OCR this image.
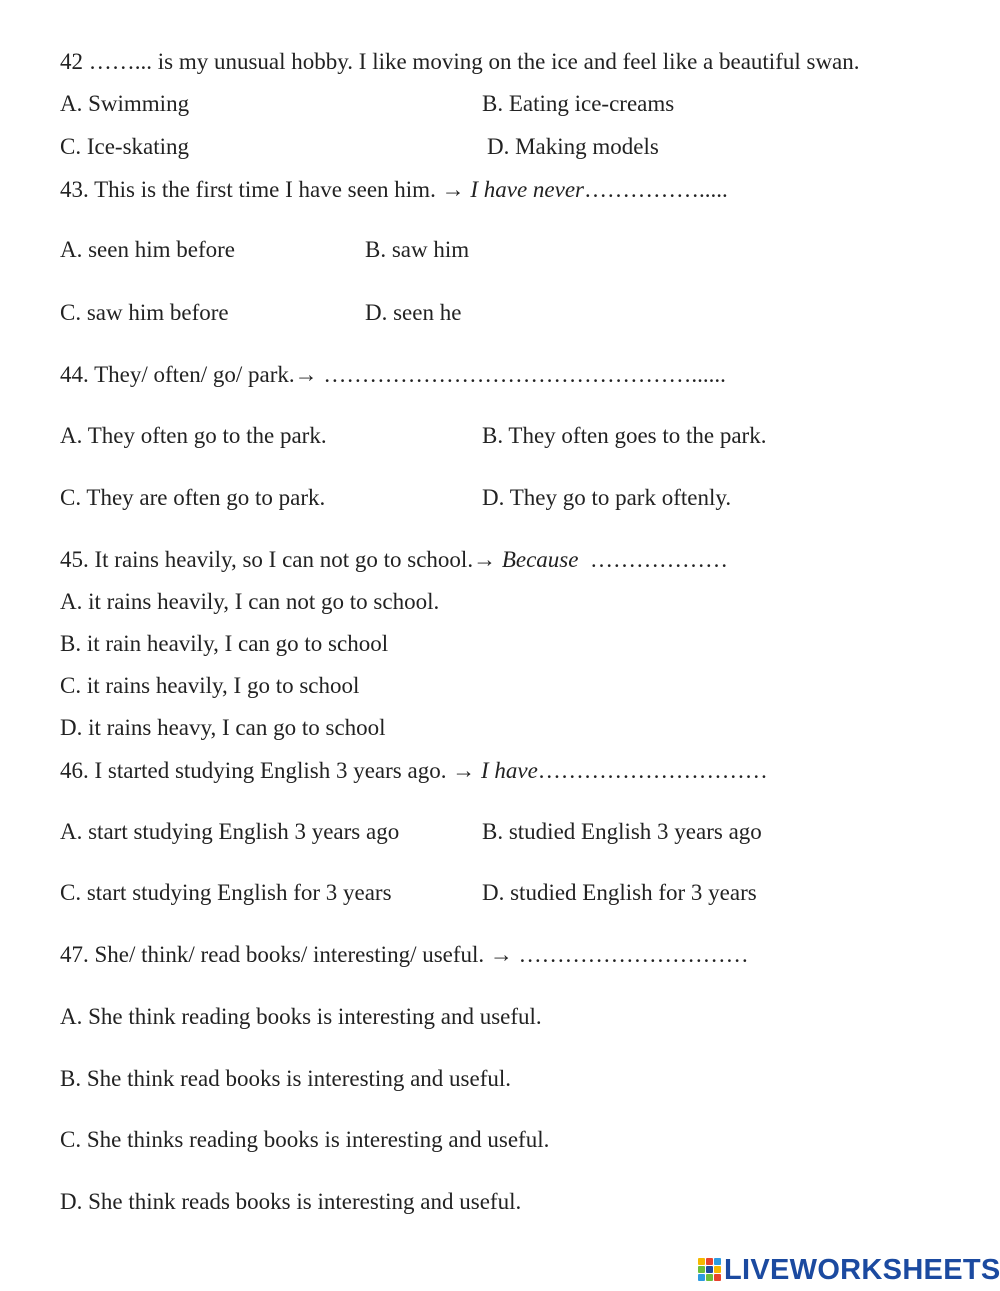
42 ……... is my unusual hobby. I like moving on the ice and feel like a beautiful swan.
A. Swimming	B. Eating ice-creams
C. Ice-skating	D. Making models
43. This is the first time I have seen him. → I have never…………….....
A. seen him before	B. saw him
C. saw him before	D. seen he
44. They/ often/ go/ park.→ …………………………………………......
A. They often go to the park.	B. They often goes to the park.
C. They are often go to park.	D. They go to park oftenly.
45. It rains heavily, so I can not go to school.→ Because  ………………
A. it rains heavily, I can not go to school.
B. it rain heavily, I can go to school
C. it rains heavily, I go to school
D. it rains heavy, I can go to school
46. I started studying English 3 years ago. → I have…………………………
A. start studying English 3 years ago	B. studied English 3 years ago
C. start studying English for 3 years	D. studied English for 3 years
47. She/ think/ read books/ interesting/ useful. → …………………………
A. She think reading books is interesting and useful.
B. She think read books is interesting and useful.
C. She thinks reading books is interesting and useful.
D. She think reads books is interesting and useful.
LIVEWORKSHEETS
